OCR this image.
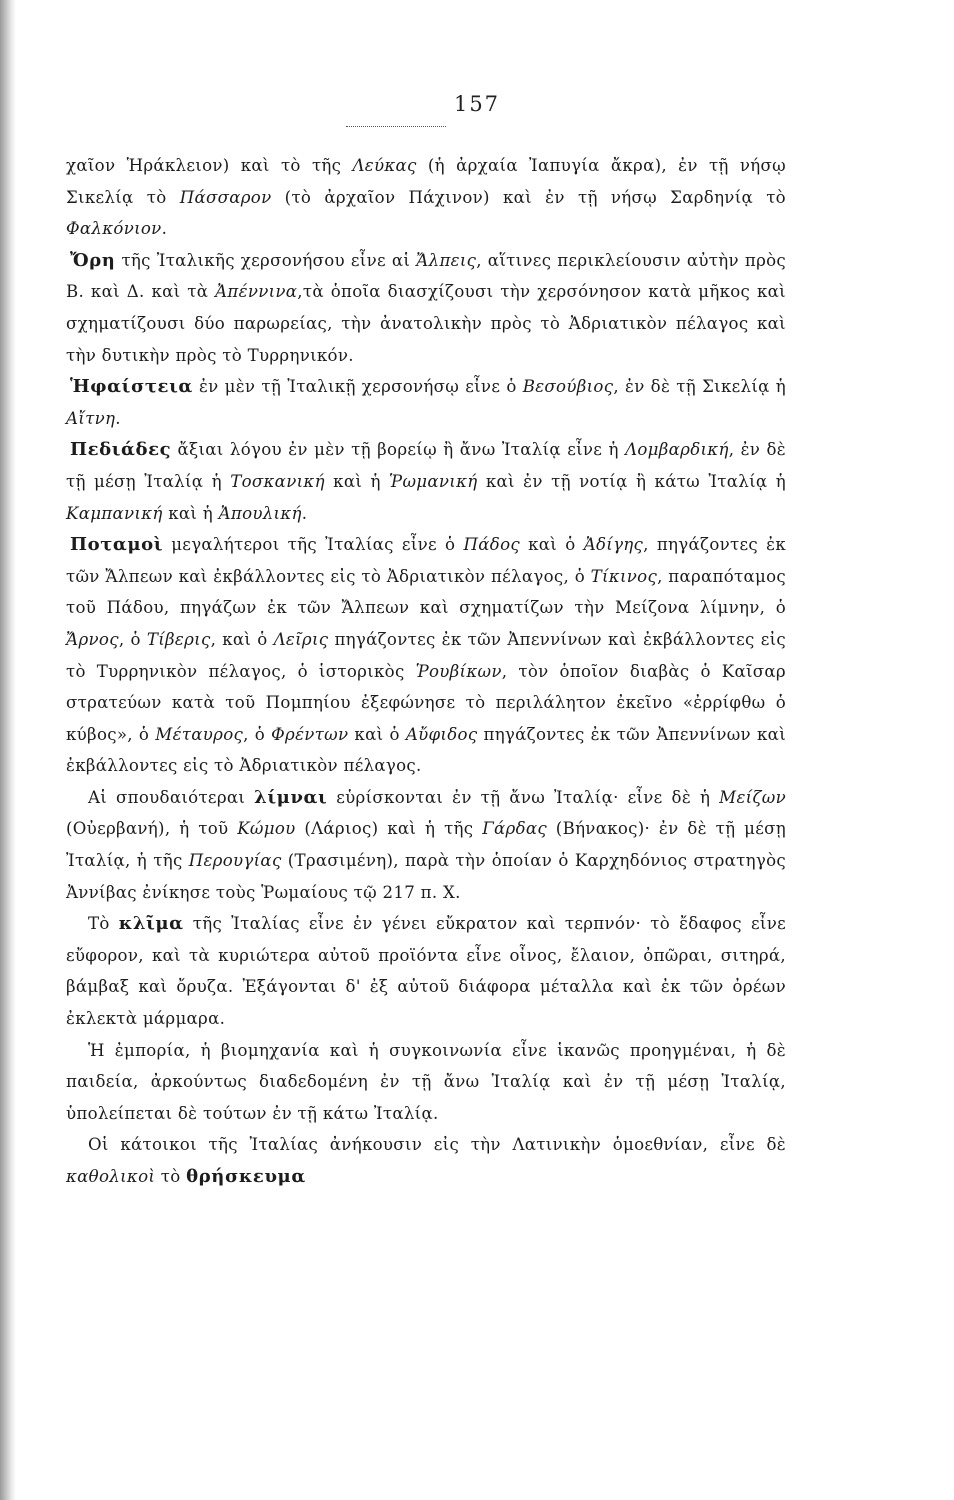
157

χαῖον Ἡράκλειον) καὶ τὸ τῆς Λεύκας (ἡ ἀρχαία Ἰαπυγία ἄκρα), ἐν τῇ νήσῳ Σικελίᾳ τὸ Πάσσαρον (τὸ ἀρχαῖον Πάχινον) καὶ ἐν τῇ νήσῳ Σαρδηνίᾳ τὸ Φαλκόνιον.

Ὄρη τῆς Ἰταλικῆς χερσονήσου εἶνε αἱ Ἄλπεις, αἵτινες περικλείουσιν αὐτὴν πρὸς Β. καὶ Δ. καὶ τὰ Ἀπέννινα,τὰ ὁποῖα διασχίζουσι τὴν χερσόνησον κατὰ μῆκος καὶ σχηματίζουσι δύο παρωρείας, τὴν ἀνατολικὴν πρὸς τὸ Ἀδριατικὸν πέλαγος καὶ τὴν δυτικὴν πρὸς τὸ Τυρρηνικόν.

Ἡφαίστεια ἐν μὲν τῇ Ἰταλικῇ χερσονήσῳ εἶνε ὁ Βεσούβιος, ἐν δὲ τῇ Σικελίᾳ ἡ Αἴτνη.

Πεδιάδες ἄξιαι λόγου ἐν μὲν τῇ βορείῳ ἢ ἄνω Ἰταλίᾳ εἶνε ἡ Λομβαρδική, ἐν δὲ τῇ μέσῃ Ἰταλίᾳ ἡ Τοσκανική καὶ ἡ Ῥωμανική καὶ ἐν τῇ νοτίᾳ ἢ κάτω Ἰταλίᾳ ἡ Καμπανική καὶ ἡ Ἀπουλική.

Ποταμοὶ μεγαλήτεροι τῆς Ἰταλίας εἶνε ὁ Πάδος καὶ ὁ Ἀδίγης, πηγάζοντες ἐκ τῶν Ἄλπεων καὶ ἐκβάλλοντες εἰς τὸ Ἀδριατικὸν πέλαγος, ὁ Τίκινος, παραπόταμος τοῦ Πάδου, πηγάζων ἐκ τῶν Ἄλπεων καὶ σχηματίζων τὴν Μείζονα λίμνην, ὁ Ἄρνος, ὁ Τίβερις, καὶ ὁ Λεῖρις πηγάζοντες ἐκ τῶν Ἀπεννίνων καὶ ἐκβάλλοντες εἰς τὸ Τυρρηνικὸν πέλαγος, ὁ ἱστορικὸς Ῥουβίκων, τὸν ὁποῖον διαβὰς ὁ Καῖσαρ στρατεύων κατὰ τοῦ Πομπηίου ἐξεφώνησε τὸ περιλάλητον ἐκεῖνο «ἐρρίφθω ὁ κύβος», ὁ Μέταυρος, ὁ Φρέντων καὶ ὁ Αὔφιδος πηγάζοντες ἐκ τῶν Ἀπεννίνων καὶ ἐκβάλλοντες εἰς τὸ Ἀδριατικὸν πέλαγος.

Αἱ σπουδαιότεραι λίμναι εὑρίσκονται ἐν τῇ ἄνω Ἰταλίᾳ· εἶνε δὲ ἡ Μείζων (Οὐερβανή), ἡ τοῦ Κώμου (Λάριος) καὶ ἡ τῆς Γάρδας (Βήνακος)· ἐν δὲ τῇ μέσῃ Ἰταλίᾳ, ἡ τῆς Περουγίας (Τρασιμένη), παρὰ τὴν ὁποίαν ὁ Καρχηδόνιος στρατηγὸς Ἀννίβας ἐνίκησε τοὺς Ῥωμαίους τῷ 217 π. Χ.

Τὸ κλῖμα τῆς Ἰταλίας εἶνε ἐν γένει εὔκρατον καὶ τερπνόν· τὸ ἔδαφος εἶνε εὔφορον, καὶ τὰ κυριώτερα αὐτοῦ προϊόντα εἶνε οἶνος, ἔλαιον, ὀπῶραι, σιτηρά, βάμβαξ καὶ ὄρυζα. Ἐξάγονται δ' ἐξ αὐτοῦ διάφορα μέταλλα καὶ ἐκ τῶν ὀρέων ἐκλεκτὰ μάρμαρα.

Ἡ ἐμπορία, ἡ βιομηχανία καὶ ἡ συγκοινωνία εἶνε ἱκανῶς προηγμέναι, ἡ δὲ παιδεία, ἀρκούντως διαδεδομένη ἐν τῇ ἄνω Ἰταλίᾳ καὶ ἐν τῇ μέσῃ Ἰταλίᾳ, ὑπολείπεται δὲ τούτων ἐν τῇ κάτω Ἰταλίᾳ.

Οἱ κάτοικοι τῆς Ἰταλίας ἀνήκουσιν εἰς τὴν Λατινικὴν ὁμοεθνίαν, εἶνε δὲ καθολικοὶ τὸ θρήσκευμα
